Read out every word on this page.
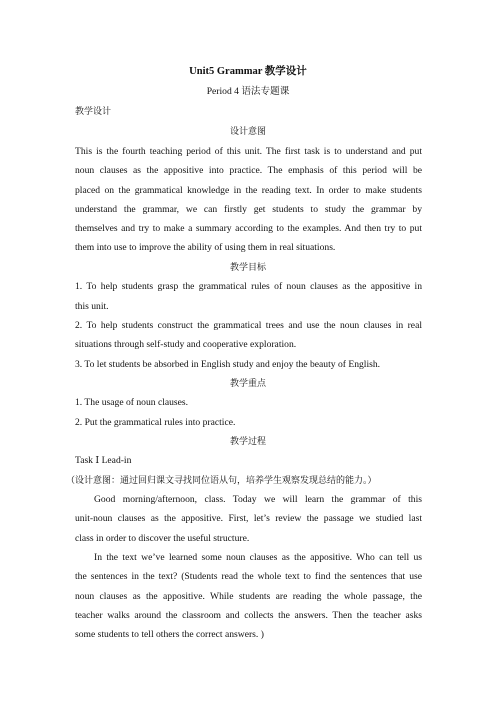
Unit5 Grammar 教学设计
Period 4 语法专题课
教学设计
设计意图
This is the fourth teaching period of this unit. The first task is to understand and put
noun clauses as the appositive into practice. The emphasis of this period will be
placed on the grammatical knowledge in the reading text. In order to make students
understand the grammar, we can firstly get students to study the grammar by
themselves and try to make a summary according to the examples. And then try to put
them into use to improve the ability of using them in real situations.
教学目标
1. To help students grasp the grammatical rules of noun clauses as the appositive in
this unit.
2. To help students construct the grammatical trees and use the noun clauses in real
situations through self-study and cooperative exploration.
3. To let students be absorbed in English study and enjoy the beauty of English.
教学重点
1. The usage of noun clauses.
2. Put the grammatical rules into practice.
教学过程
Task Ⅰ Lead-in
（设计意图：通过回归课文寻找同位语从句，培养学生观察发现总结的能力。）
Good morning/afternoon, class. Today we will learn the grammar of this
unit-noun clauses as the appositive. First, let’s review the passage we studied last
class in order to discover the useful structure.
In the text we’ve learned some noun clauses as the appositive. Who can tell us
the sentences in the text? (Students read the whole text to find the sentences that use
noun clauses as the appositive. While students are reading the whole passage, the
teacher walks around the classroom and collects the answers. Then the teacher asks
some students to tell others the correct answers. )
